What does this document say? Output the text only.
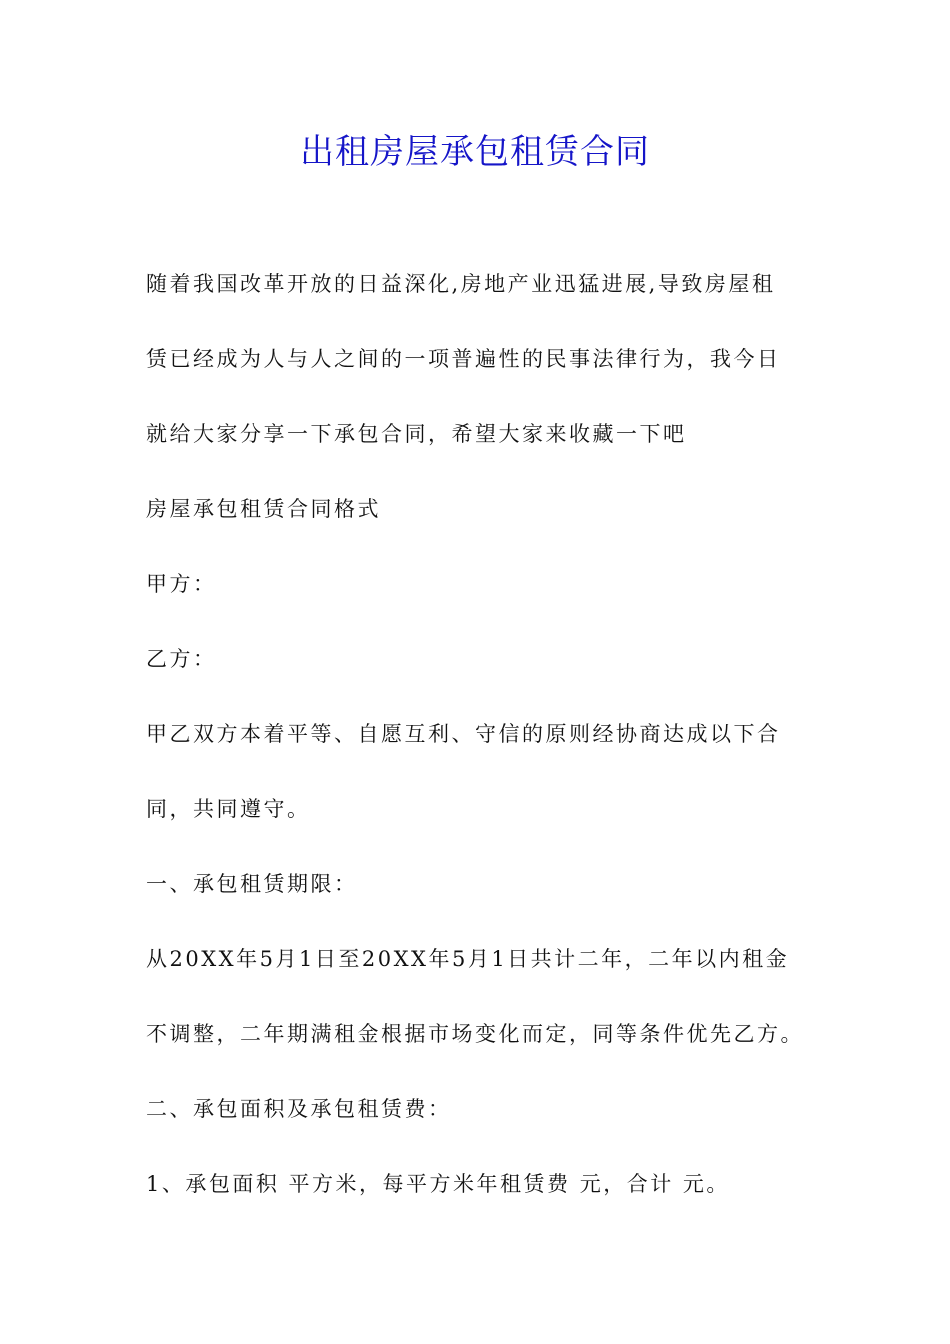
出租房屋承包租赁合同
随着我国改革开放的日益深化,房地产业迅猛进展,导致房屋租
赁已经成为人与人之间的一项普遍性的民事法律行为，我今日
就给大家分享一下承包合同，希望大家来收藏一下吧
房屋承包租赁合同格式
甲方：
乙方：
甲乙双方本着平等、自愿互利、守信的原则经协商达成以下合
同，共同遵守。
一、承包租赁期限：
从20XX年5月1日至20XX年5月1日共计二年，二年以内租金
不调整，二年期满租金根据市场变化而定，同等条件优先乙方。
二、承包面积及承包租赁费：
1、承包面积 平方米，每平方米年租赁费 元，合计 元。
